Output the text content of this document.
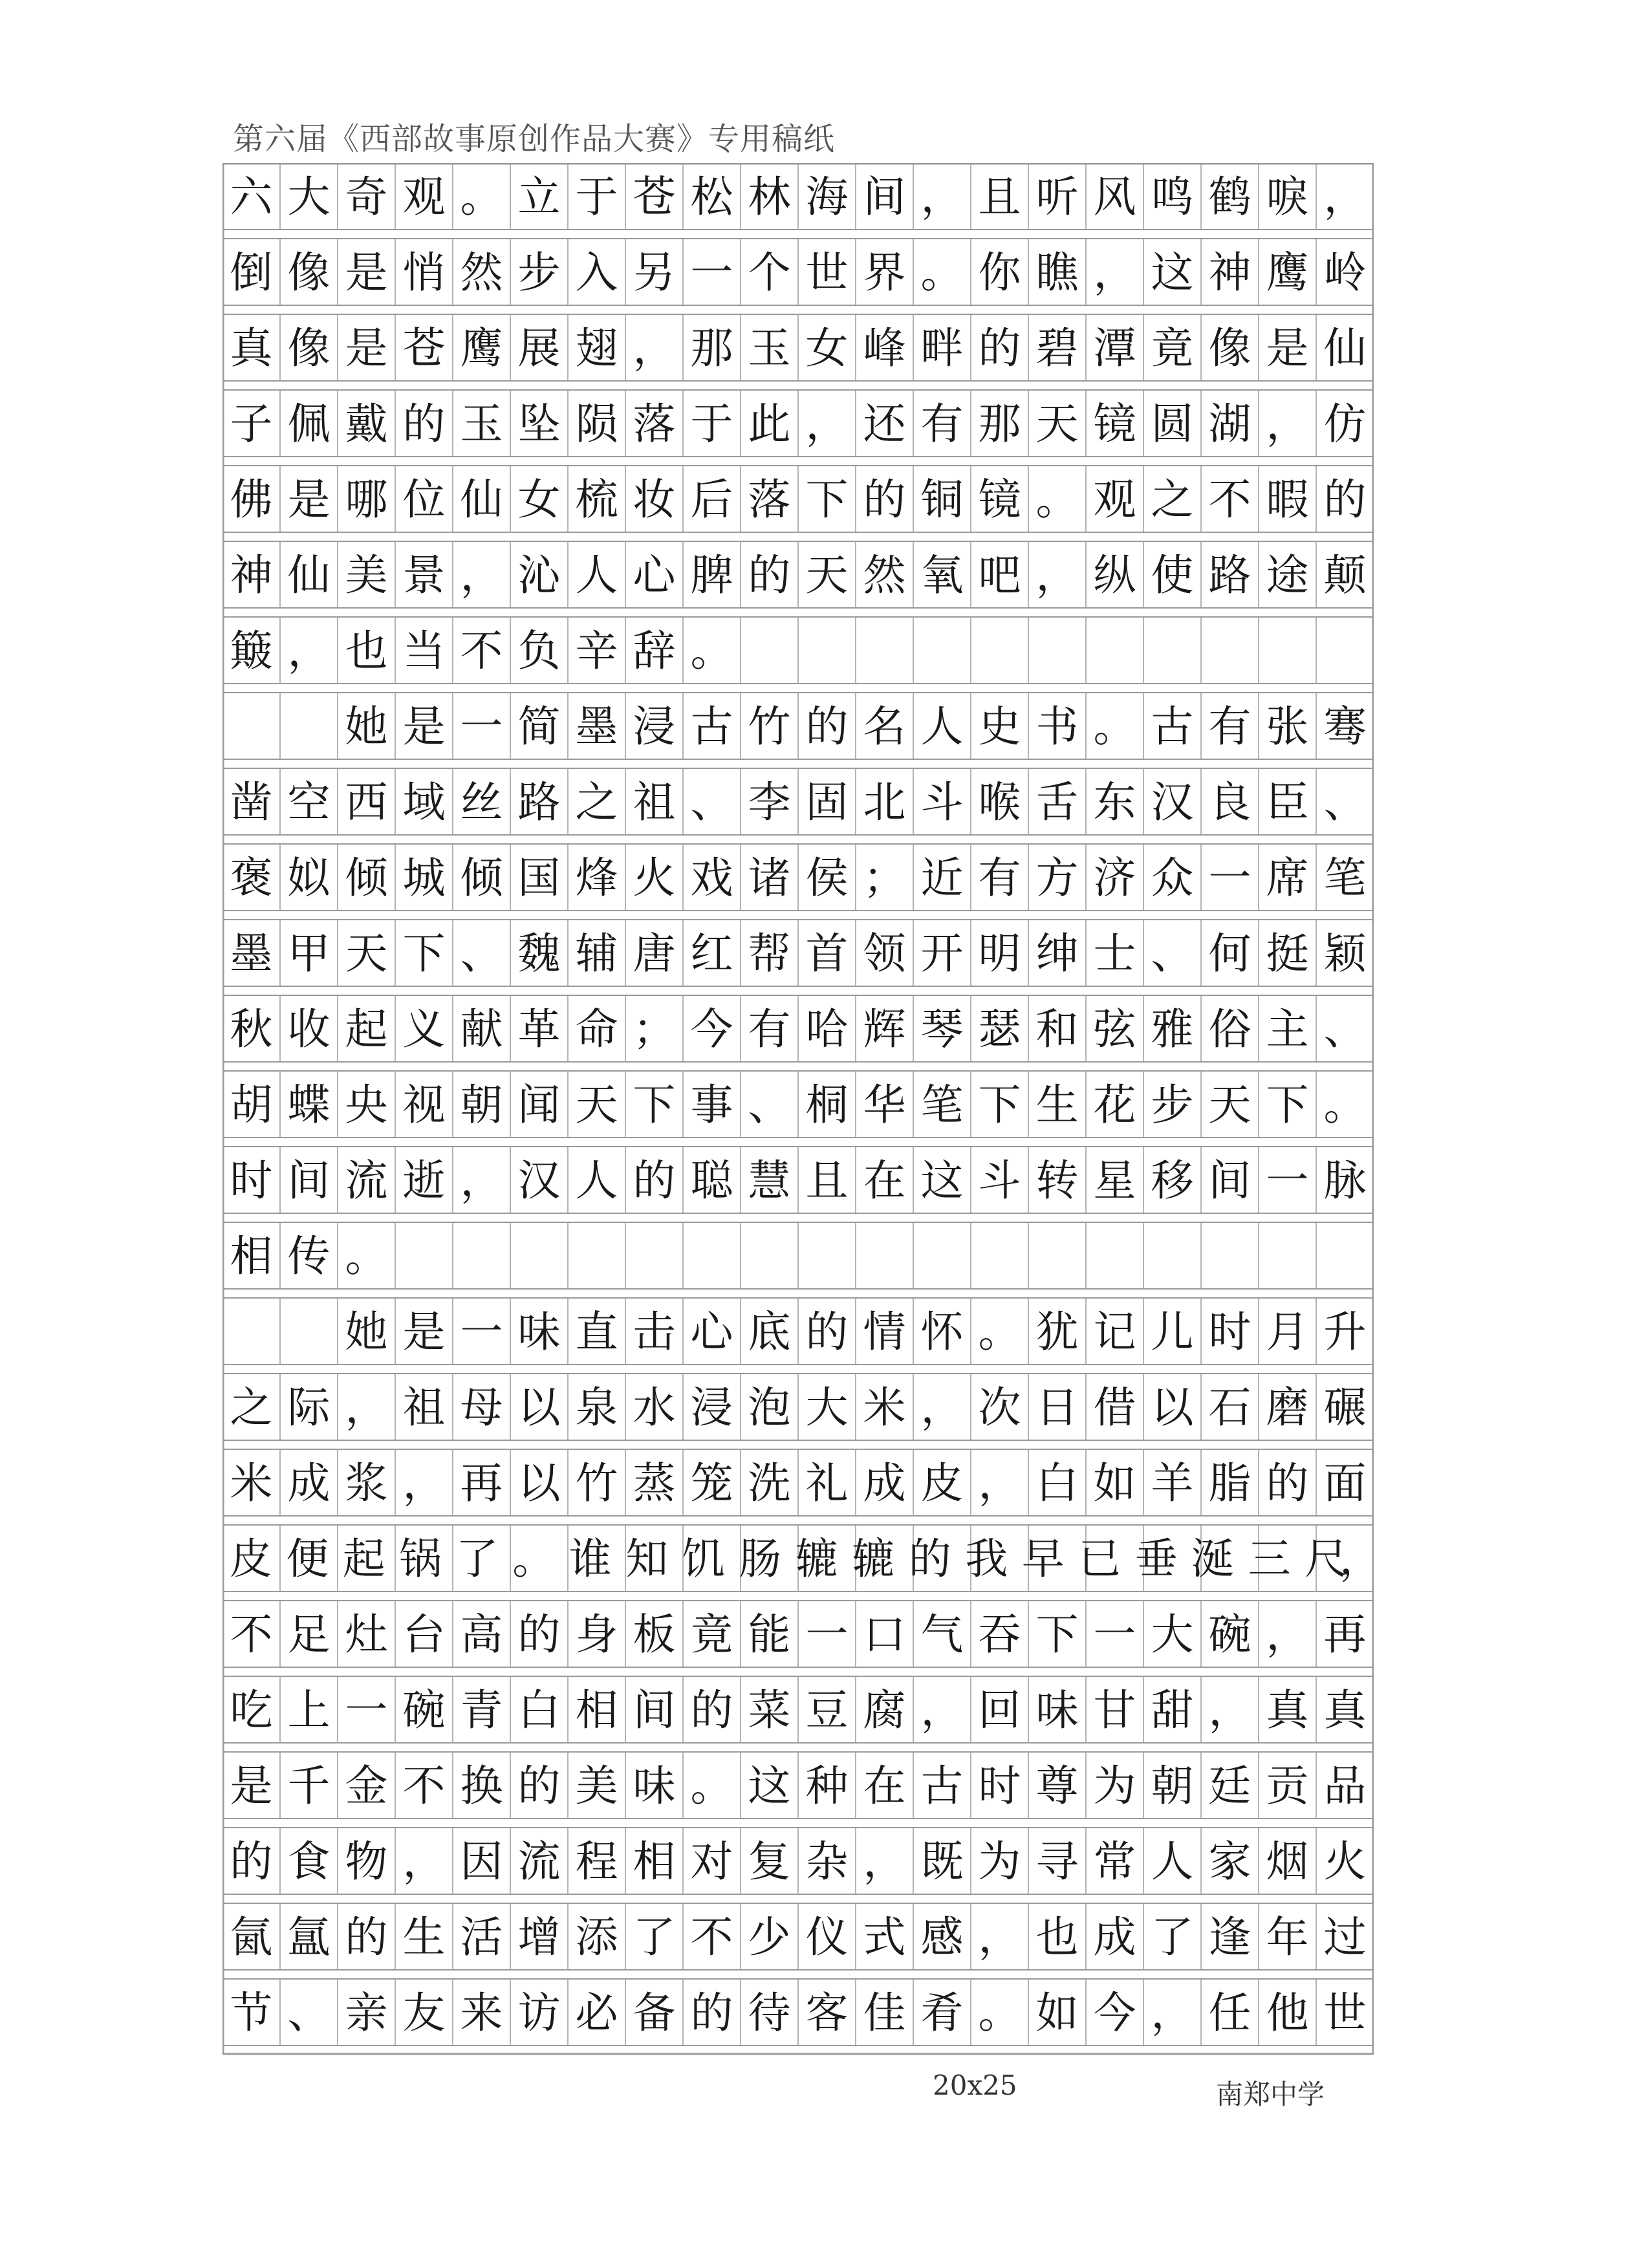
第六届《西部故事原创作品大赛》专用稿纸
六 大 奇 观 。 立 于 苍 松 林 海 间 ， 且 听 风 鸣 鹤 唳 ，
倒 像 是 悄 然 步 入 另 一 个 世 界 。 你 瞧 ， 这 神 鹰 岭
真 像 是 苍 鹰 展 翅 ， 那 玉 女 峰 畔 的 碧 潭 竟 像 是 仙
子 佩 戴 的 玉 坠 陨 落 于 此 ， 还 有 那 天 镜 圆 湖 ， 仿
佛 是 哪 位 仙 女 梳 妆 后 落 下 的 铜 镜 。 观 之 不 暇 的
神 仙 美 景 ， 沁 人 心 脾 的 天 然 氧 吧 ， 纵 使 路 途 颠
簸 ， 也 当 不 负 辛 辞 。
她 是 一 简 墨 浸 古 竹 的 名 人 史 书 。 古 有 张 骞
凿 空 西 域 丝 路 之 祖 、 李 固 北 斗 喉 舌 东 汉 良 臣 、
褒 姒 倾 城 倾 国 烽 火 戏 诸 侯 ； 近 有 方 济 众 一 席 笔
墨 甲 天 下 、 魏 辅 唐 红 帮 首 领 开 明 绅 士 、 何 挺 颖
秋 收 起 义 献 革 命 ； 今 有 哈 辉 琴 瑟 和 弦 雅 俗 主 、
胡 蝶 央 视 朝 闻 天 下 事 、 桐 华 笔 下 生 花 步 天 下 。
时 间 流 逝 ， 汉 人 的 聪 慧 且 在 这 斗 转 星 移 间 一 脉
相 传 。
她 是 一 味 直 击 心 底 的 情 怀 。 犹 记 儿 时 月 升
之 际 ， 祖 母 以 泉 水 浸 泡 大 米 ， 次 日 借 以 石 磨 碾
米 成 浆 ， 再 以 竹 蒸 笼 洗 礼 成 皮 ， 白 如 羊 脂 的 面
皮 便 起 锅 了 。 谁 知 饥 肠 辘 辘 的 我 早 已 垂 涎 三 尺
，
不 足 灶 台 高 的 身 板 竟 能 一 口 气 吞 下 一 大 碗 ， 再
吃 上 一 碗 青 白 相 间 的 菜 豆 腐 ， 回 味 甘 甜 ， 真 真
是 千 金 不 换 的 美 味 。 这 种 在 古 时 尊 为 朝 廷 贡 品
的 食 物 ， 因 流 程 相 对 复 杂 ， 既 为 寻 常 人 家 烟 火
氤 氲 的 生 活 增 添 了 不 少 仪 式 感 ， 也 成 了 逢 年 过
节 、 亲 友 来 访 必 备 的 待 客 佳 肴 。 如 今 ， 任 他 世
20x25	南郑中学
